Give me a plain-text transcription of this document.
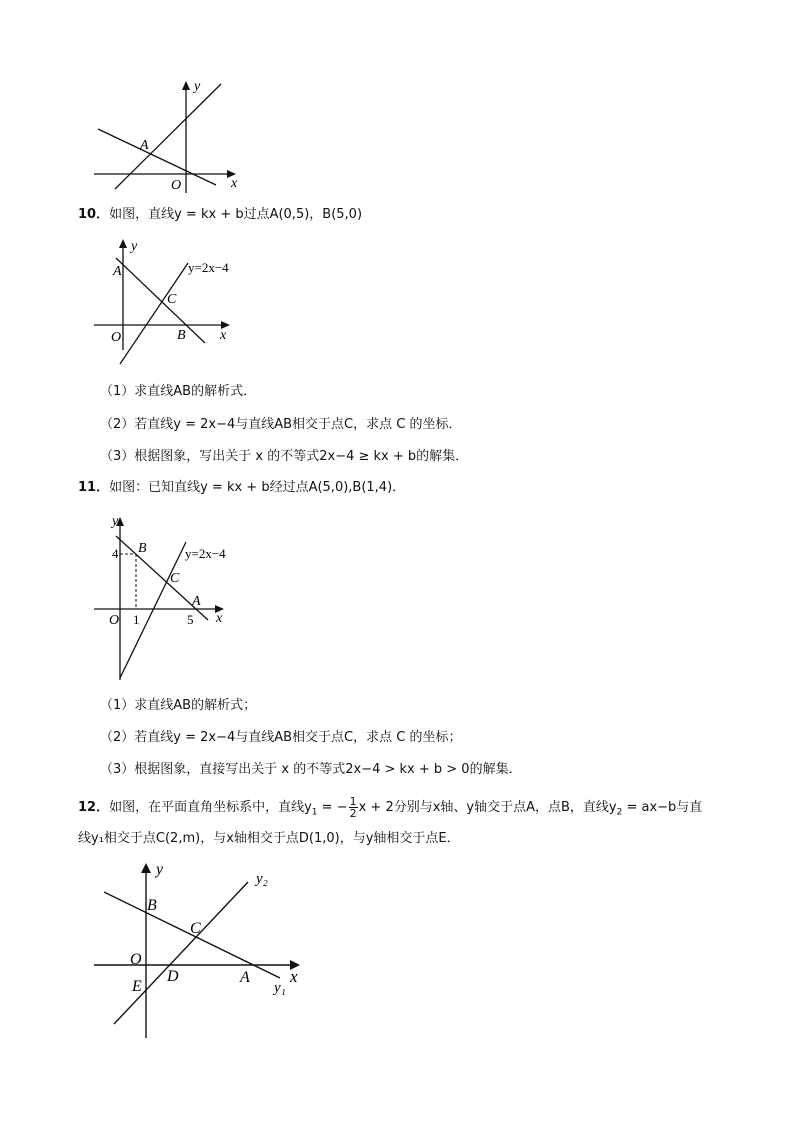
y
A
O	x
10．如图，直线y = kx + b过点A(0,5)，B(5,0)
y
A	y=2x−4
C
O	B x
（1）求直线AB的解析式．
（2）若直线y = 2x−4与直线AB相交于点C，求点 C 的坐标．
（3）根据图象，写出关于 x 的不等式2x−4 ≥ kx + b的解集．
11．如图：已知直线y = kx + b经过点A(5,0),B(1,4)．
y
4 B	y=2x−4
C
A
O 1	5 x
（1）求直线AB的解析式；
（2）若直线y = 2x−4与直线AB相交于点C，求点 C 的坐标；
（3）根据图象，直接写出关于 x 的不等式2x−4 > kx + b > 0的解集．
12．如图，在平面直角坐标系中，直线$y_1$ = − $\frac{1}{2}$ x + 2分别与x轴、y轴交于点A，点B，直线$y_2 = ax-b$与直
线y₁相交于点C(2,m)，与x轴相交于点D(1,0)，与y轴相交于点E．
y
y₂
B
C
O
D	A x
E	y₁
